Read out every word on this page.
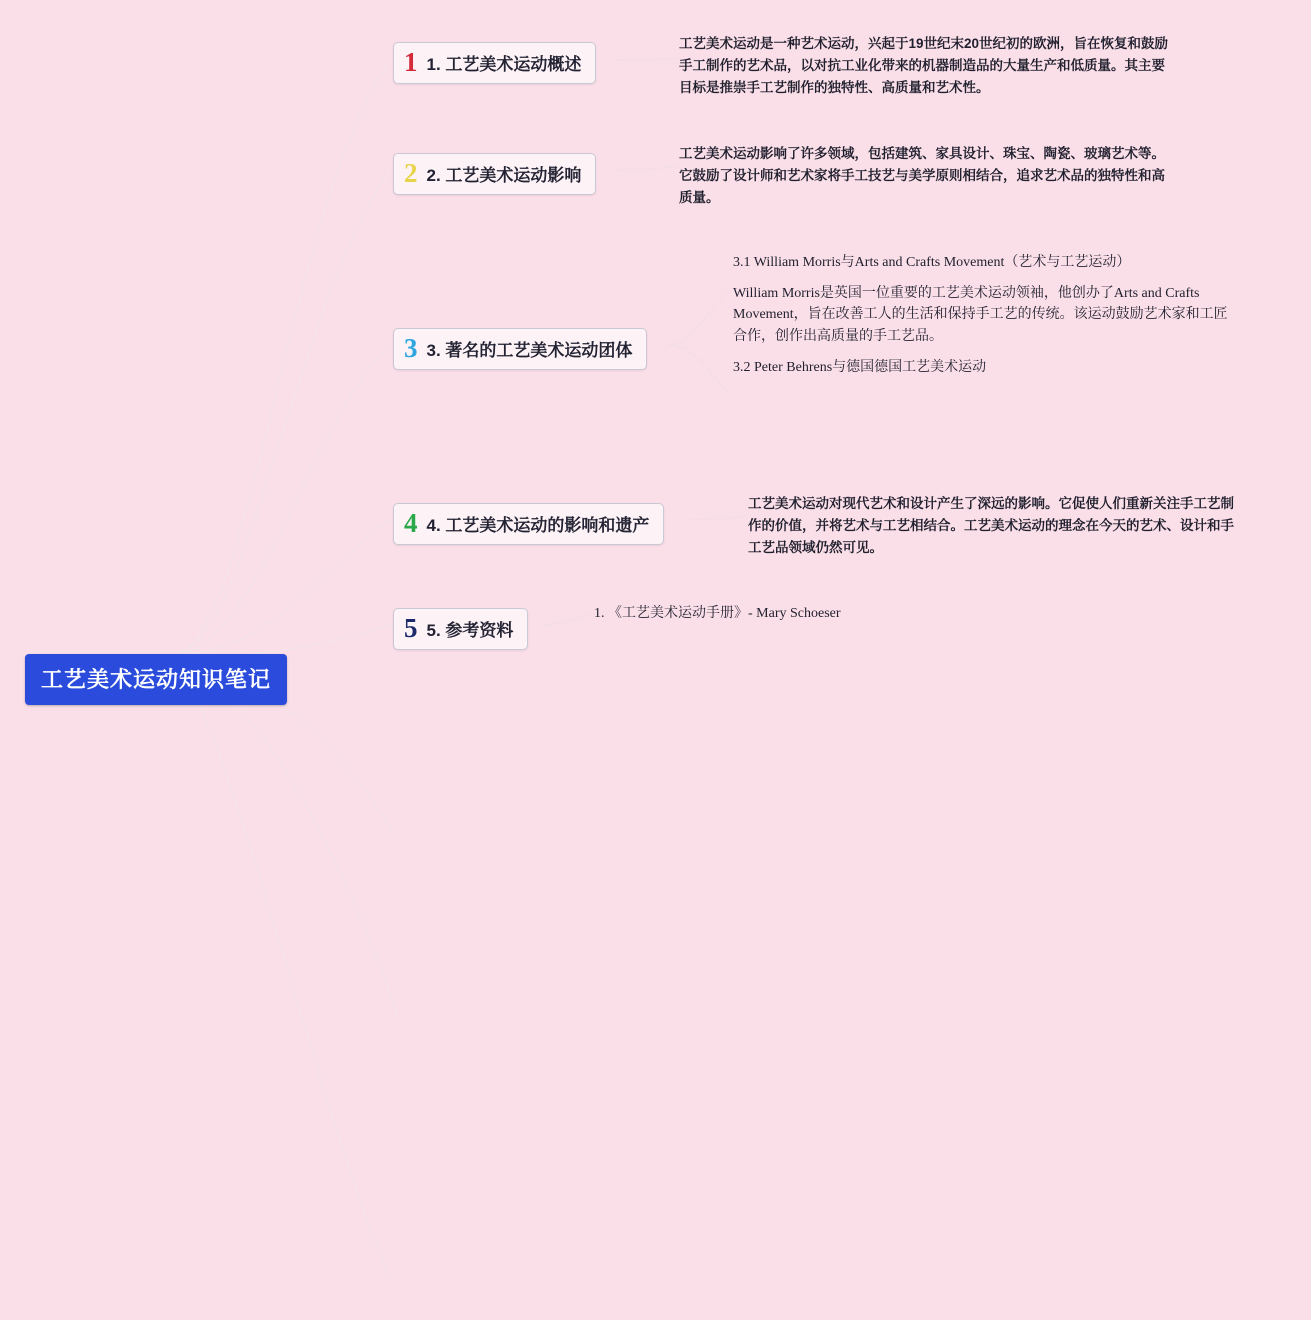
工艺美术运动知识笔记
1 1. 工艺美术运动概述
2 2. 工艺美术运动影响
3 3. 著名的工艺美术运动团体
4 4. 工艺美术运动的影响和遗产
5 5. 参考资料

工艺美术运动是一种艺术运动，兴起于19世纪末20世纪初的欧洲，旨在恢复和鼓励手工制作的艺术品，以对抗工业化带来的机器制造品的大量生产和低质量。其主要目标是推崇手工艺制作的独特性、高质量和艺术性。

工艺美术运动影响了许多领域，包括建筑、家具设计、珠宝、陶瓷、玻璃艺术等。它鼓励了设计师和艺术家将手工技艺与美学原则相结合，追求艺术品的独特性和高质量。

3.1 William Morris与Arts and Crafts Movement（艺术与工艺运动）

William Morris是英国一位重要的工艺美术运动领袖，他创办了Arts and Crafts Movement，旨在改善工人的生活和保持手工艺的传统。该运动鼓励艺术家和工匠合作，创作出高质量的手工艺品。

3.2 Peter Behrens与德国德国工艺美术运动

工艺美术运动对现代艺术和设计产生了深远的影响。它促使人们重新关注手工艺制作的价值，并将艺术与工艺相结合。工艺美术运动的理念在今天的艺术、设计和手工艺品领域仍然可见。

1. 《工艺美术运动手册》- Mary Schoeser
